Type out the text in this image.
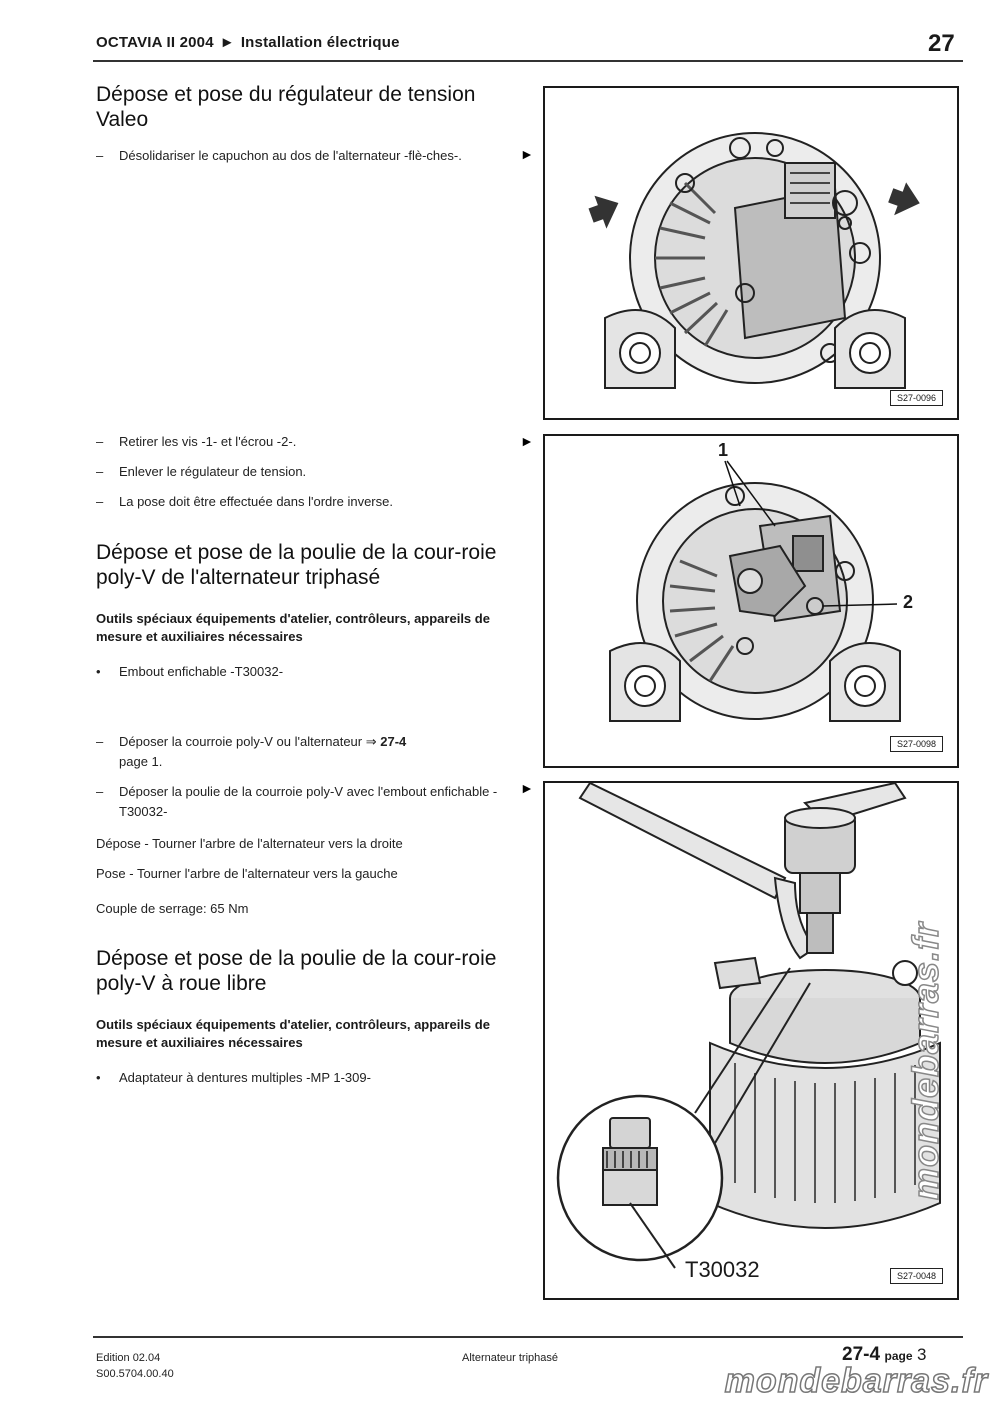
OCTAVIA II 2004 ► Installation électrique	27
Dépose et pose du régulateur de tension Valeo
– Désolidariser le capuchon au dos de l'alternateur -flè-ches-.	►
S27-0096
– Retirer les vis -1- et l'écrou -2-.
– Enlever le régulateur de tension.
– La pose doit être effectuée dans l'ordre inverse.
►	1
2
S27-0098
Dépose et pose de la poulie de la cour-roie poly-V de l'alternateur triphasé
Outils spéciaux équipements d'atelier, contrôleurs, appareils de mesure et auxiliaires nécessaires
• Embout enfichable -T30032-
– Déposer la courroie poly-V ou l'alternateur ⇒ 27-4
page 1.
– Déposer la poulie de la courroie poly-V avec l'embout enfichable -T30032-
►
Dépose - Tourner l'arbre de l'alternateur vers la droite
Pose - Tourner l'arbre de l'alternateur vers la gauche
Couple de serrage: 65 Nm
T30032	S27-0048
Dépose et pose de la poulie de la cour-roie poly-V à roue libre
Outils spéciaux équipements d'atelier, contrôleurs, appareils de mesure et auxiliaires nécessaires
• Adaptateur à dentures multiples -MP 1-309-
Edition 02.04
S00.5704.00.40
Alternateur triphasé	27-4 page 3
mondebarras.fr
mondebarras.fr
